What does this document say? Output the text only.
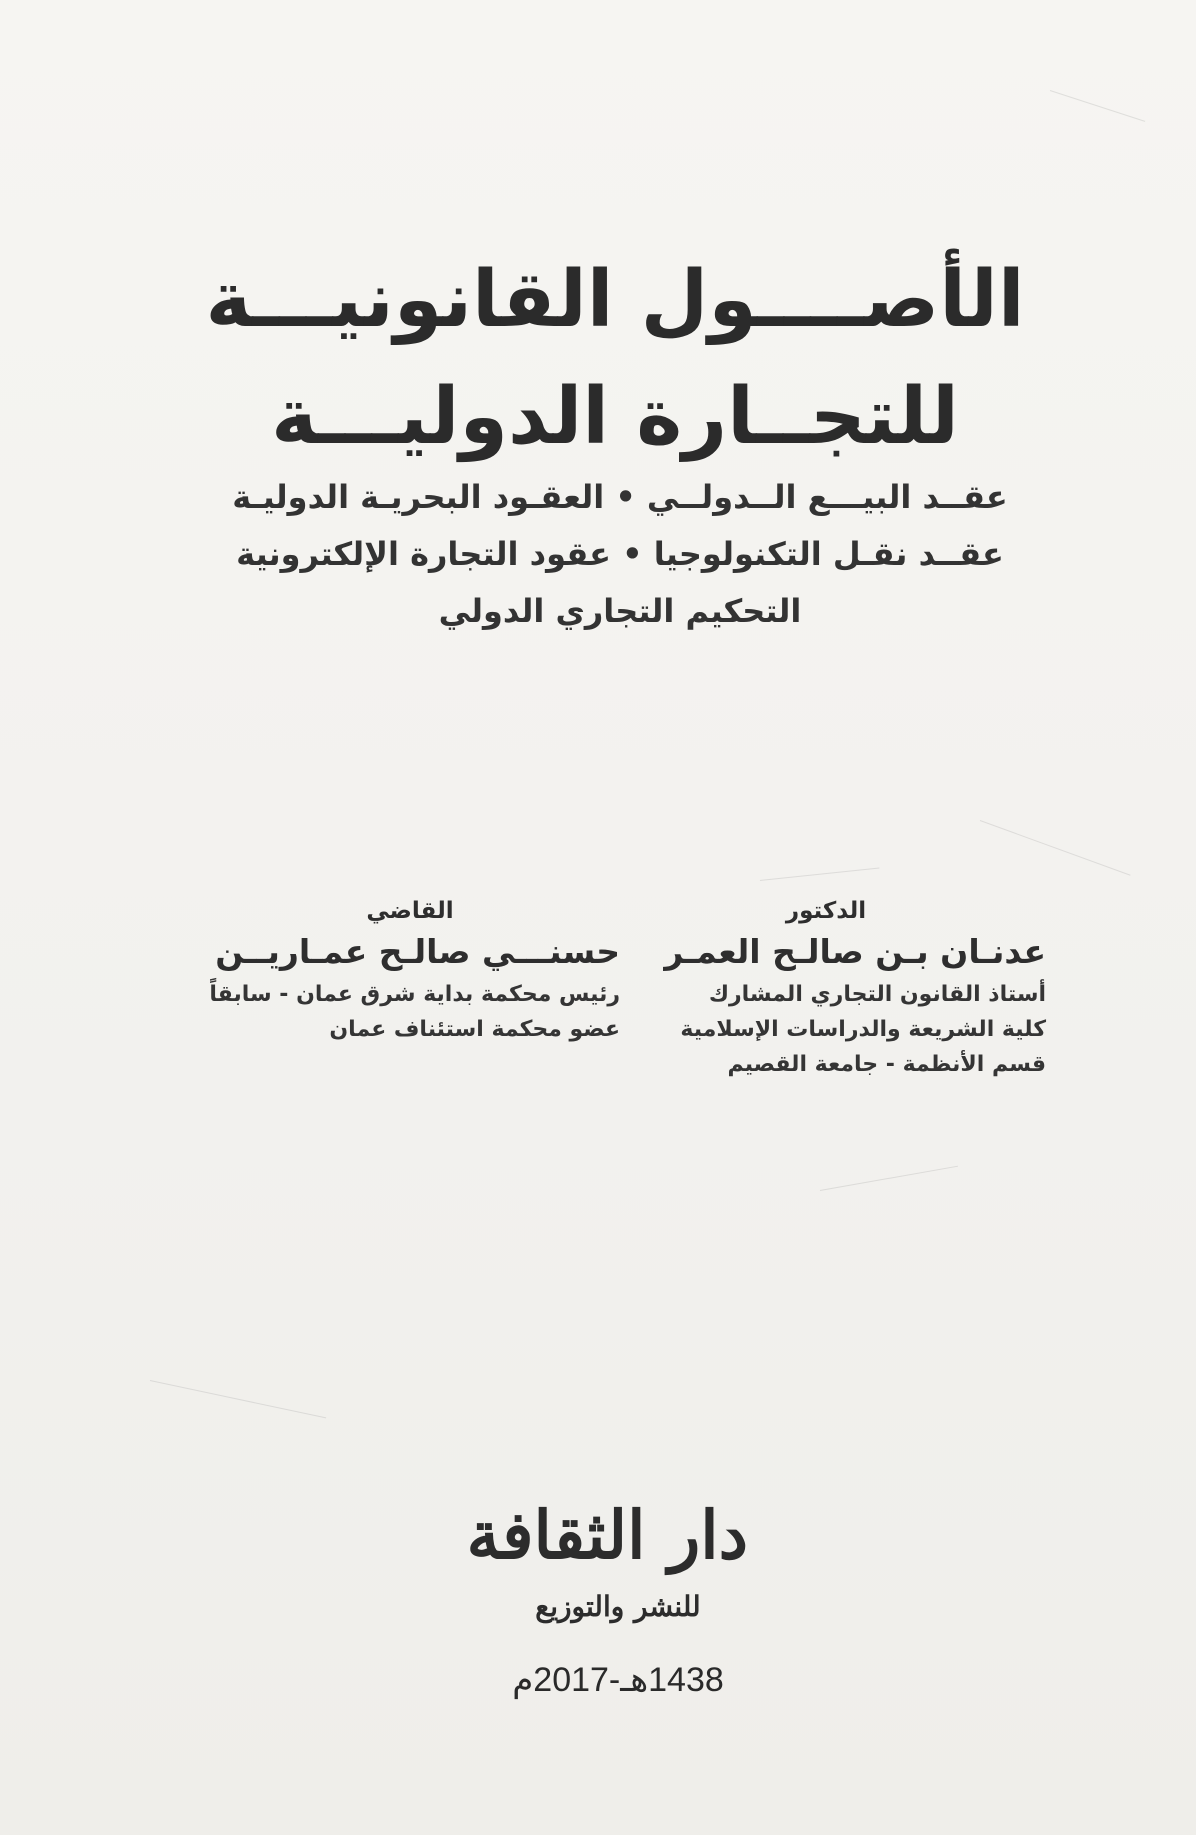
الأصــــول القانونيـــة
للتجــارة الدوليـــة
عقــد البيـــع الــدولــي • العقـود البحريـة الدوليـة
عقــد نقـل التكنولوجيا • عقود التجارة الإلكترونية
التحكيم التجاري الدولي
الدكتور
عدنـان بـن صالـح العمـر
أستاذ القانون التجاري المشارك
كلية الشريعة والدراسات الإسلامية
قسم الأنظمة - جامعة القصيم
القاضي
حسنـــي صالـح عمـاريــن
رئيس محكمة بداية شرق عمان - سابقاً
عضو محكمة استئناف عمان
دار الثقافة
للنشر والتوزيع
1438هـ-2017م
